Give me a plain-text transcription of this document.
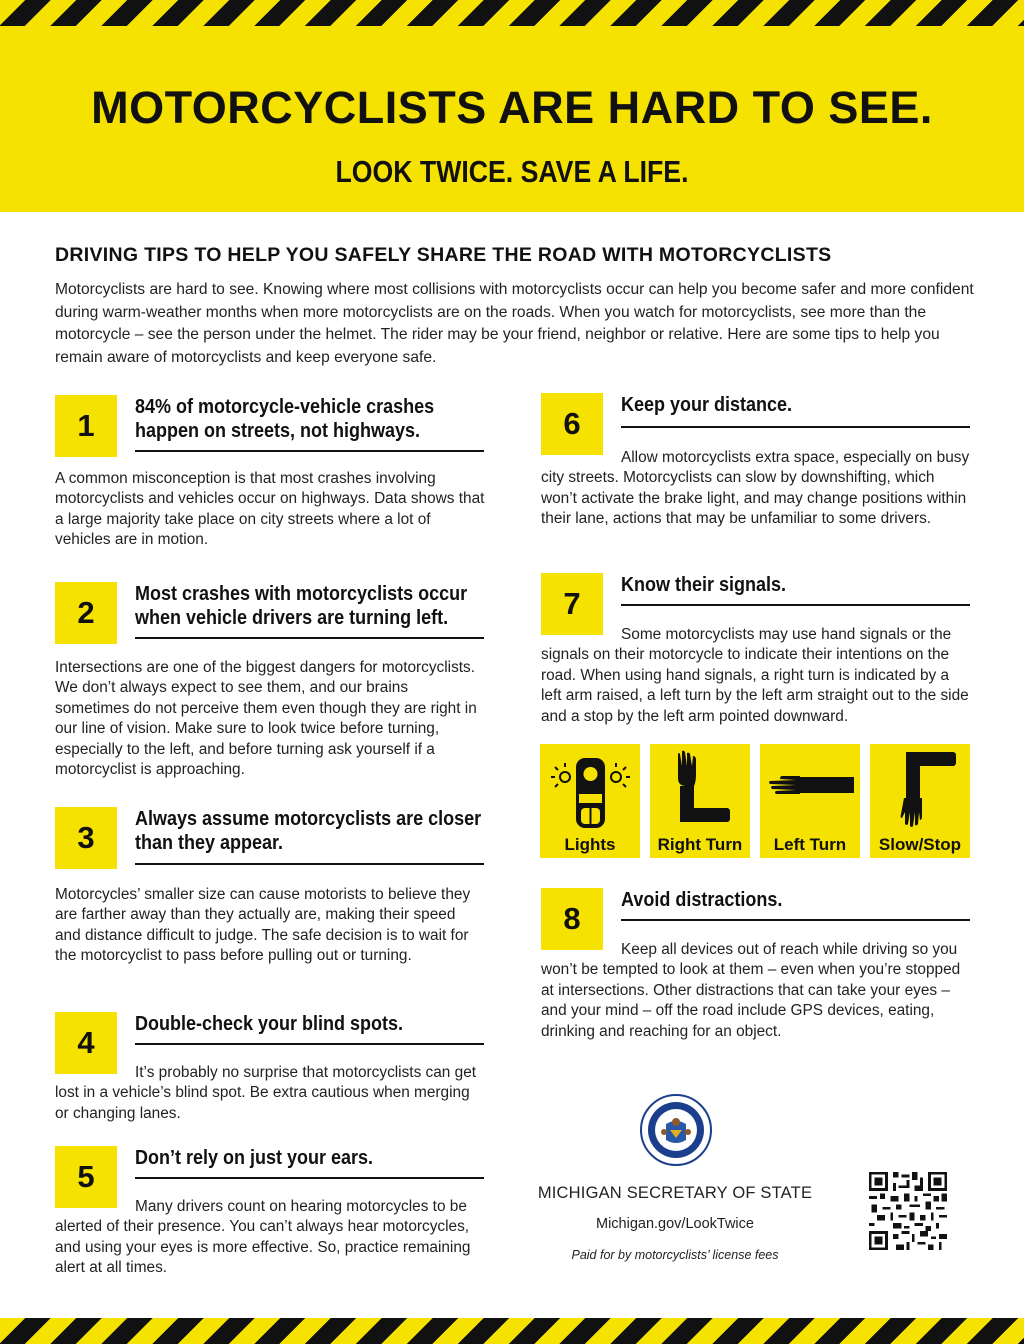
MOTORCYCLISTS ARE HARD TO SEE.
LOOK TWICE. SAVE A LIFE.
DRIVING TIPS TO HELP YOU SAFELY SHARE THE ROAD WITH MOTORCYCLISTS
Motorcyclists are hard to see. Knowing where most collisions with motorcyclists occur can help you become safer and more confident during warm-weather months when more motorcyclists are on the roads. When you watch for motorcyclists, see more than the motorcycle – see the person under the helmet. The rider may be your friend, neighbor or relative. Here are some tips to help you remain aware of motorcyclists and keep everyone safe.
1
84% of motorcycle-vehicle crashes happen on streets, not highways.
A common misconception is that most crashes involving motorcyclists and vehicles occur on highways. Data shows that a large majority take place on city streets where a lot of vehicles are in motion.
2
Most crashes with motorcyclists occur when vehicle drivers are turning left.
Intersections are one of the biggest dangers for motorcyclists. We don’t always expect to see them, and our brains sometimes do not perceive them even though they are right in our line of vision. Make sure to look twice before turning, especially to the left, and before turning ask yourself if a motorcyclist is approaching.
3
Always assume motorcyclists are closer than they appear.
Motorcycles’ smaller size can cause motorists to believe they are farther away than they actually are, making their speed and distance difficult to judge. The safe decision is to wait for the motorcyclist to pass before pulling out or turning.
4
Double-check your blind spots.
It’s probably no surprise that motorcyclists can get lost in a vehicle’s blind spot. Be extra cautious when merging or changing lanes.
5
Don’t rely on just your ears.
Many drivers count on hearing motorcycles to be alerted of their presence. You can’t always hear motorcycles, and using your eyes is more effective. So, practice remaining alert at all times.
6
Keep your distance.
Allow motorcyclists extra space, especially on busy city streets. Motorcyclists can slow by downshifting, which won’t activate the brake light, and may change positions within their lane, actions that may be unfamiliar to some drivers.
7
Know their signals.
Some motorcyclists may use hand signals or the signals on their motorcycle to indicate their intentions on the road. When using hand signals, a right turn is indicated by a left arm raised, a left turn by the left arm straight out to the side and a stop by the left arm pointed downward.
Lights	Right Turn	Left Turn	Slow/Stop
8
Avoid distractions.
Keep all devices out of reach while driving so you won’t be tempted to look at them – even when you’re stopped at intersections. Other distractions that can take your eyes – and your mind – off the road include GPS devices, eating, drinking and reaching for an object.
MICHIGAN SECRETARY OF STATE
Michigan.gov/LookTwice
Paid for by motorcyclists’ license fees
